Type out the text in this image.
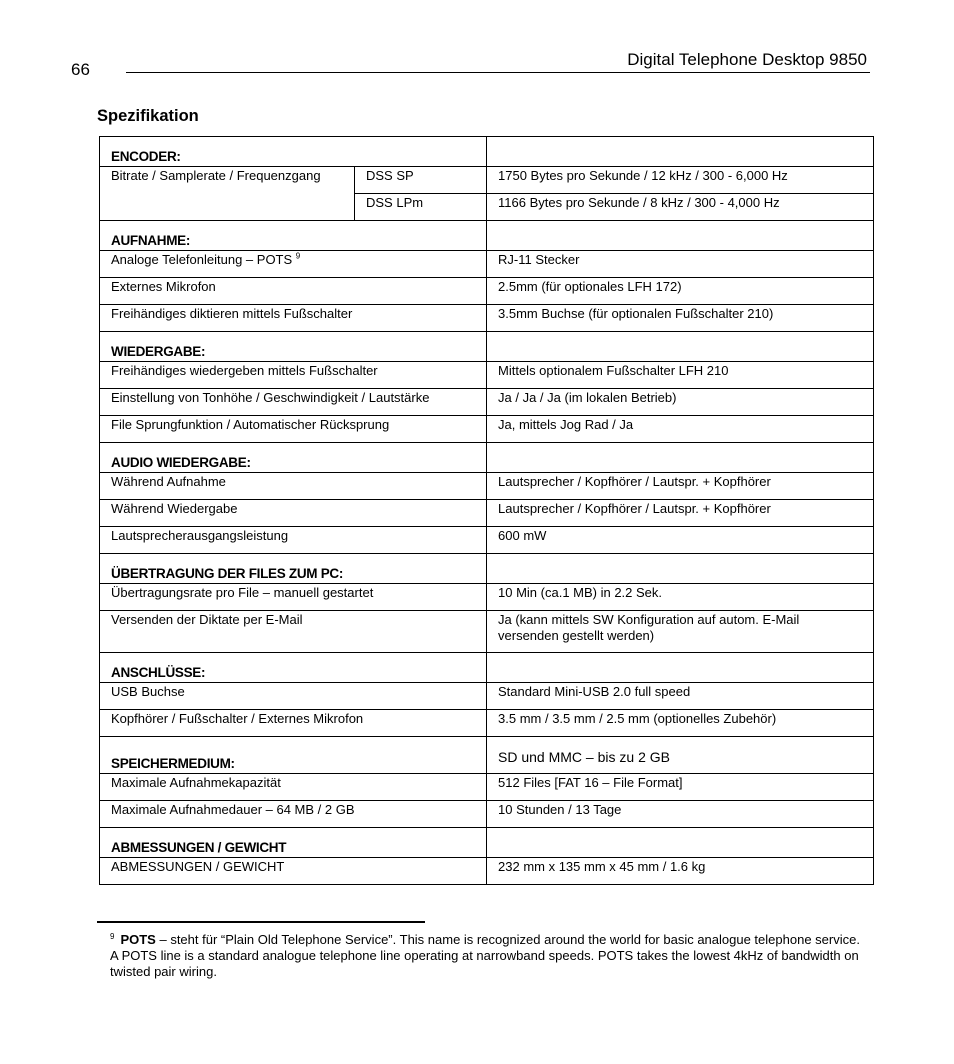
66
Digital Telephone Desktop 9850
Spezifikation
ENCODER:		
Bitrate / Samplerate / Frequenzgang	DSS SP	1750 Bytes pro Sekunde / 12 kHz / 300 - 6,000 Hz
	DSS LPm	1166 Bytes pro Sekunde / 8 kHz / 300 - 4,000 Hz
AUFNAHME:		
Analoge Telefonleitung – POTS $^9$		RJ-11 Stecker
Externes Mikrofon		2.5mm (für optionales LFH 172)
Freihändiges diktieren mittels Fußschalter		3.5mm Buchse (für optionalen Fußschalter 210)
WIEDERGABE:		
Freihändiges wiedergeben mittels Fußschalter		Mittels optionalem Fußschalter LFH 210
Einstellung von Tonhöhe / Geschwindigkeit / Lautstärke		Ja / Ja / Ja (im lokalen Betrieb)
File Sprungfunktion / Automatischer Rücksprung		Ja, mittels Jog Rad / Ja
AUDIO WIEDERGABE:		
Während Aufnahme		Lautsprecher / Kopfhörer / Lautspr. + Kopfhörer
Während Wiedergabe		Lautsprecher / Kopfhörer / Lautspr. + Kopfhörer
Lautsprecherausgangsleistung		600 mW
ÜBERTRAGUNG DER FILES ZUM PC:		
Übertragungsrate pro File – manuell gestartet		10 Min (ca.1 MB) in 2.2 Sek.
Versenden der Diktate per E-Mail		Ja (kann mittels SW Konfiguration auf autom. E-Mail versenden gestellt werden)
ANSCHLÜSSE:		
USB Buchse		Standard Mini-USB 2.0 full speed
Kopfhörer / Fußschalter / Externes Mikrofon		3.5 mm / 3.5 mm / 2.5 mm (optionelles Zubehör)
SPEICHERMEDIUM:		SD und MMC – bis zu 2 GB
Maximale Aufnahmekapazität		512 Files [FAT 16 – File Format]
Maximale Aufnahmedauer – 64 MB / 2 GB		10 Stunden / 13 Tage
ABMESSUNGEN / GEWICHT		
ABMESSUNGEN / GEWICHT		232 mm x 135 mm x 45 mm / 1.6 kg
$^9$ POTS – steht für “Plain Old Telephone Service”. This name is recognized around the world for basic analogue telephone service. A POTS line is a standard analogue telephone line operating at narrowband speeds. POTS takes the lowest 4kHz of bandwidth on twisted pair wiring.
